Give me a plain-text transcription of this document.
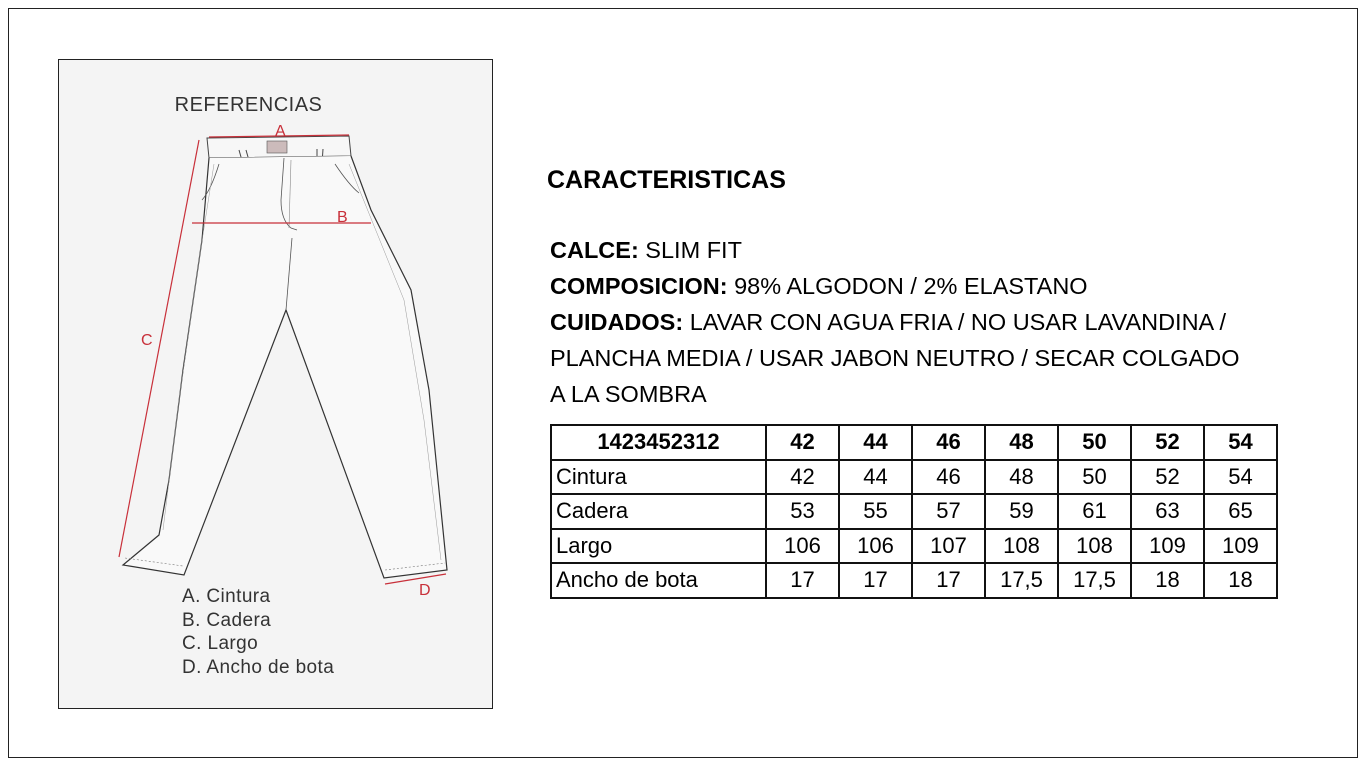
REFERENCIAS
A
B
C
D
A. Cintura
B. Cadera
C. Largo
D. Ancho de bota
CARACTERISTICAS
CALCE: SLIM FIT
COMPOSICION: 98% ALGODON / 2% ELASTANO
CUIDADOS: LAVAR CON AGUA FRIA / NO USAR LAVANDINA /
PLANCHA MEDIA / USAR JABON NEUTRO / SECAR COLGADO
A LA SOMBRA
1423452312	42	44	46	48	50	52	54
Cintura	42	44	46	48	50	52	54
Cadera	53	55	57	59	61	63	65
Largo	106	106	107	108	108	109	109
Ancho de bota	17	17	17	17,5	17,5	18	18
